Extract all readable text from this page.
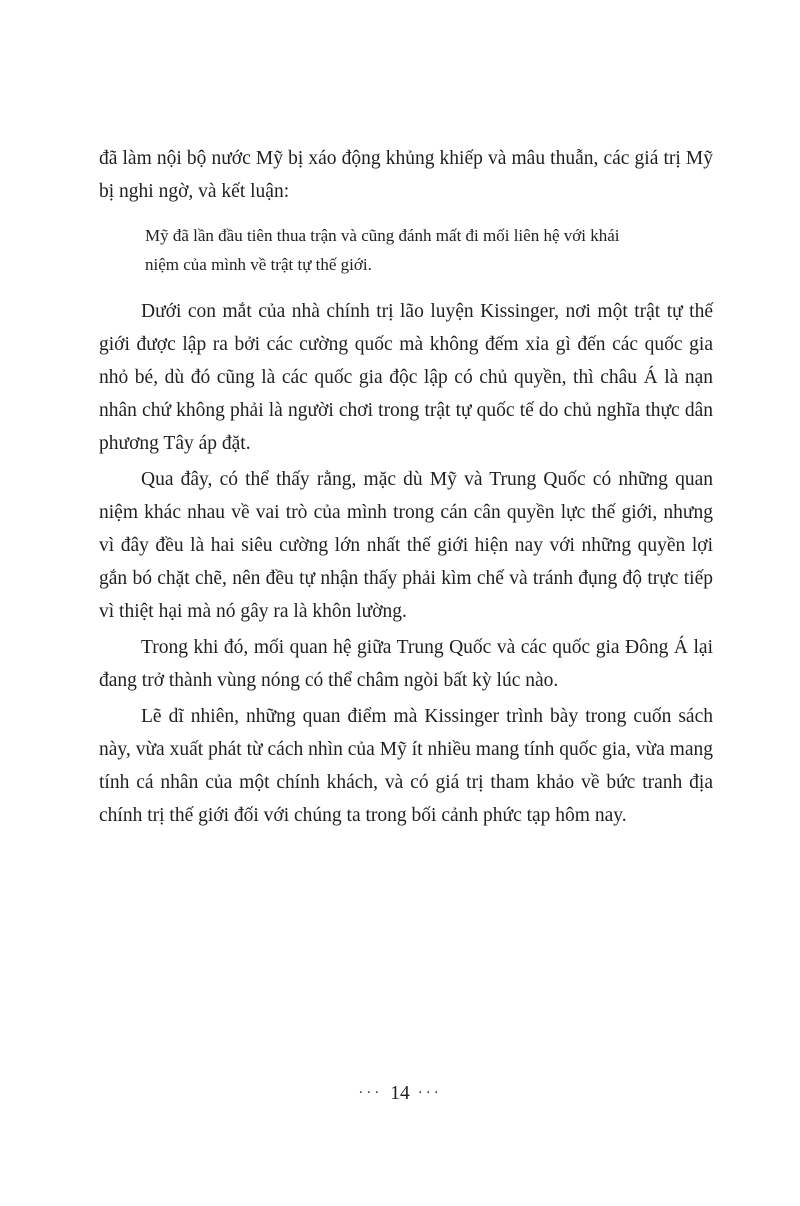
đã làm nội bộ nước Mỹ bị xáo động khủng khiếp và mâu thuẫn, các giá trị Mỹ bị nghi ngờ, và kết luận:

Mỹ đã lần đầu tiên thua trận và cũng đánh mất đi mối liên hệ với khái niệm của mình về trật tự thế giới.

Dưới con mắt của nhà chính trị lão luyện Kissinger, nơi một trật tự thế giới được lập ra bởi các cường quốc mà không đếm xỉa gì đến các quốc gia nhỏ bé, dù đó cũng là các quốc gia độc lập có chủ quyền, thì châu Á là nạn nhân chứ không phải là người chơi trong trật tự quốc tế do chủ nghĩa thực dân phương Tây áp đặt.

Qua đây, có thể thấy rằng, mặc dù Mỹ và Trung Quốc có những quan niệm khác nhau về vai trò của mình trong cán cân quyền lực thế giới, nhưng vì đây đều là hai siêu cường lớn nhất thế giới hiện nay với những quyền lợi gắn bó chặt chẽ, nên đều tự nhận thấy phải kìm chế và tránh đụng độ trực tiếp vì thiệt hại mà nó gây ra là khôn lường.

Trong khi đó, mối quan hệ giữa Trung Quốc và các quốc gia Đông Á lại đang trở thành vùng nóng có thể châm ngòi bất kỳ lúc nào.

Lẽ dĩ nhiên, những quan điểm mà Kissinger trình bày trong cuốn sách này, vừa xuất phát từ cách nhìn của Mỹ ít nhiều mang tính quốc gia, vừa mang tính cá nhân của một chính khách, và có giá trị tham khảo về bức tranh địa chính trị thế giới đối với chúng ta trong bối cảnh phức tạp hôm nay.

··· 14 ···
